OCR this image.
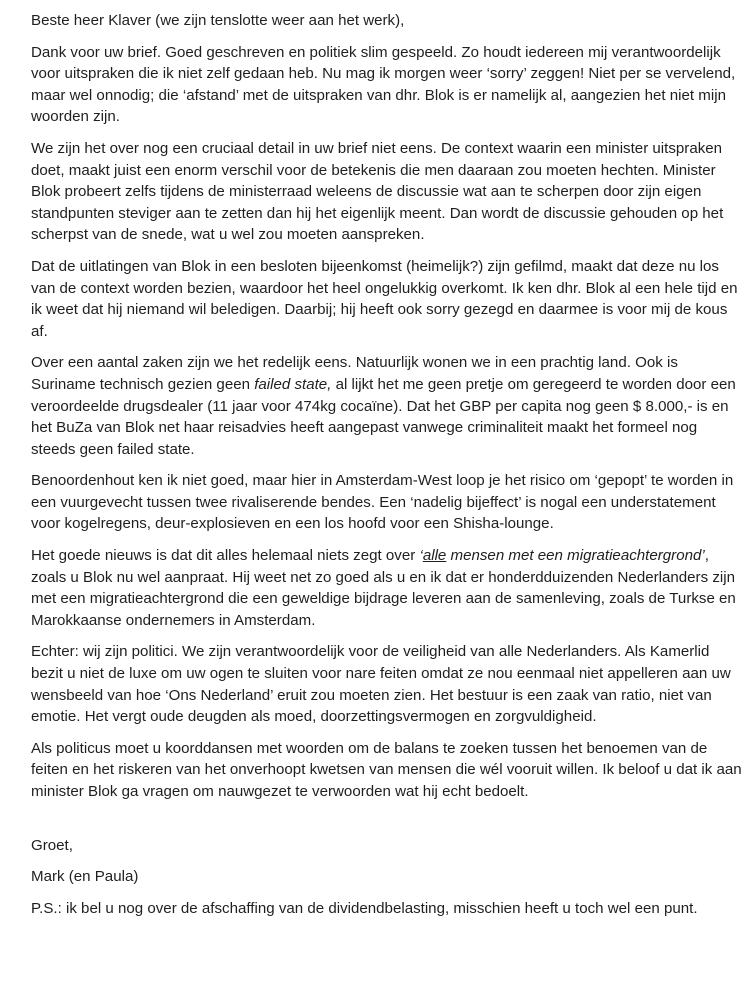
Beste heer Klaver (we zijn tenslotte weer aan het werk),

Dank voor uw brief. Goed geschreven en politiek slim gespeeld. Zo houdt iedereen mij verantwoordelijk voor uitspraken die ik niet zelf gedaan heb. Nu mag ik morgen weer ‘sorry’ zeggen! Niet per se vervelend, maar wel onnodig; die ‘afstand’ met de uitspraken van dhr. Blok is er namelijk al, aangezien het niet mijn woorden zijn.

We zijn het over nog een cruciaal detail in uw brief niet eens. De context waarin een minister uitspraken doet, maakt juist een enorm verschil voor de betekenis die men daaraan zou moeten hechten. Minister Blok probeert zelfs tijdens de ministerraad weleens de discussie wat aan te scherpen door zijn eigen standpunten steviger aan te zetten dan hij het eigenlijk meent. Dan wordt de discussie gehouden op het scherpst van de snede, wat u wel zou moeten aanspreken.

Dat de uitlatingen van Blok in een besloten bijeenkomst (heimelijk?) zijn gefilmd, maakt dat deze nu los van de context worden bezien, waardoor het heel ongelukkig overkomt. Ik ken dhr. Blok al een hele tijd en ik weet dat hij niemand wil beledigen. Daarbij; hij heeft ook sorry gezegd en daarmee is voor mij de kous af.

Over een aantal zaken zijn we het redelijk eens. Natuurlijk wonen we in een prachtig land. Ook is Suriname technisch gezien geen failed state, al lijkt het me geen pretje om geregeerd te worden door een veroordeelde drugsdealer (11 jaar voor 474kg cocaïne). Dat het GBP per capita nog geen $ 8.000,- is en het BuZa van Blok net haar reisadvies heeft aangepast vanwege criminaliteit maakt het formeel nog steeds geen failed state.

Benoordenhout ken ik niet goed, maar hier in Amsterdam-West loop je het risico om ‘gepopt’ te worden in een vuurgevecht tussen twee rivaliserende bendes. Een ‘nadelig bijeffect’ is nogal een understatement voor kogelregens, deur-explosieven en een los hoofd voor een Shisha-lounge.

Het goede nieuws is dat dit alles helemaal niets zegt over ‘alle mensen met een migratieachtergrond’, zoals u Blok nu wel aanpraat. Hij weet net zo goed als u en ik dat er honderdduizenden Nederlanders zijn met een migratieachtergrond die een geweldige bijdrage leveren aan de samenleving, zoals de Turkse en Marokkaanse ondernemers in Amsterdam.

Echter: wij zijn politici. We zijn verantwoordelijk voor de veiligheid van alle Nederlanders. Als Kamerlid bezit u niet de luxe om uw ogen te sluiten voor nare feiten omdat ze nou eenmaal niet appelleren aan uw wensbeeld van hoe ‘Ons Nederland’ eruit zou moeten zien. Het bestuur is een zaak van ratio, niet van emotie. Het vergt oude deugden als moed, doorzettingsvermogen en zorgvuldigheid.

Als politicus moet u koorddansen met woorden om de balans te zoeken tussen het benoemen van de feiten en het riskeren van het onverhoopt kwetsen van mensen die wél vooruit willen. Ik beloof u dat ik aan minister Blok ga vragen om nauwgezet te verwoorden wat hij echt bedoelt.

Groet,

Mark (en Paula)

P.S.: ik bel u nog over de afschaffing van de dividendbelasting, misschien heeft u toch wel een punt.
